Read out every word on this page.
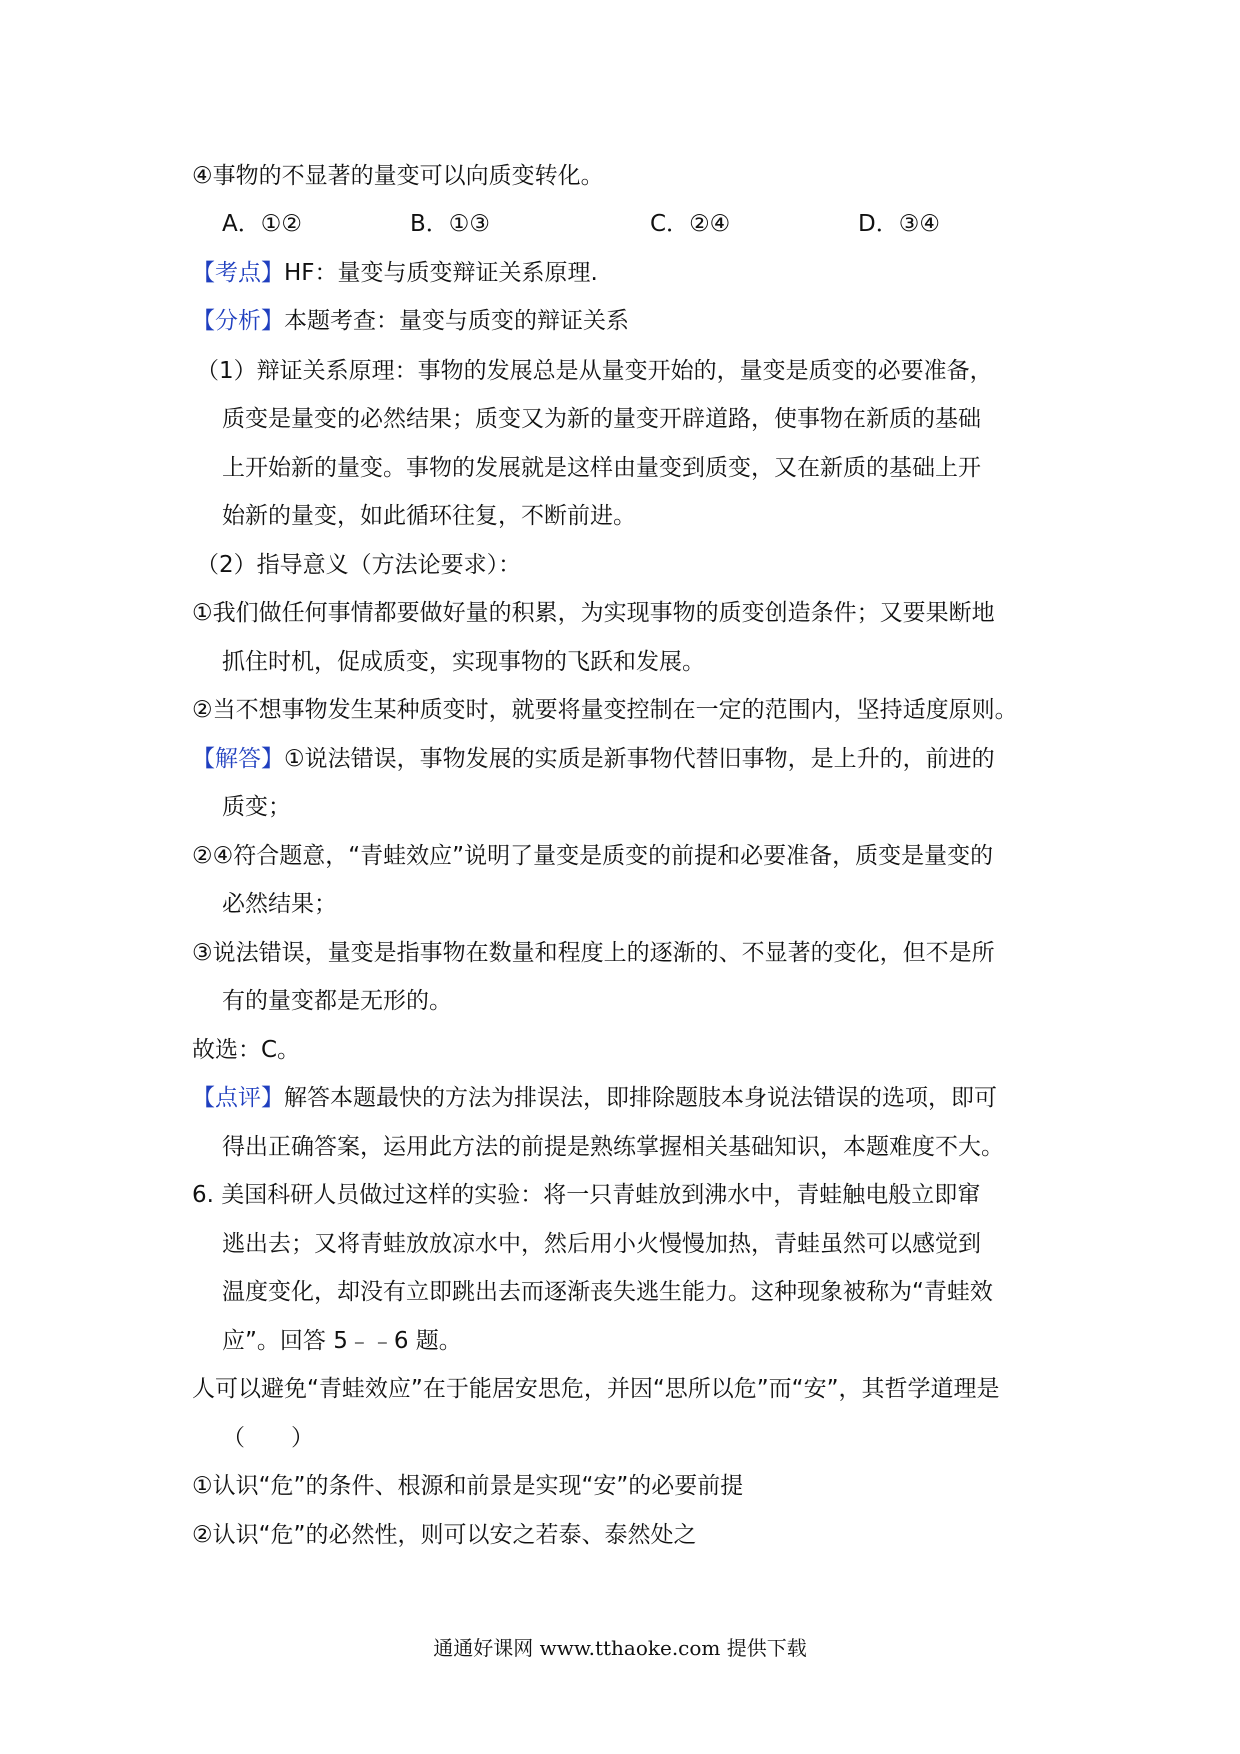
④事物的不显著的量变可以向质变转化。
A．①②	B．①③	C．②④	D．③④
【考点】HF：量变与质变辩证关系原理.
【分析】本题考查：量变与质变的辩证关系
（1）辩证关系原理：事物的发展总是从量变开始的，量变是质变的必要准备，
质变是量变的必然结果；质变又为新的量变开辟道路，使事物在新质的基础
上开始新的量变。事物的发展就是这样由量变到质变，又在新质的基础上开
始新的量变，如此循环往复，不断前进。
（2）指导意义（方法论要求）：
①我们做任何事情都要做好量的积累，为实现事物的质变创造条件；又要果断地
抓住时机，促成质变，实现事物的飞跃和发展。
②当不想事物发生某种质变时，就要将量变控制在一定的范围内，坚持适度原则。
【解答】①说法错误，事物发展的实质是新事物代替旧事物，是上升的，前进的
质变；
②④符合题意，“青蛙效应”说明了量变是质变的前提和必要准备，质变是量变的
必然结果；
③说法错误，量变是指事物在数量和程度上的逐渐的、不显著的变化，但不是所
有的量变都是无形的。
故选：C。
【点评】解答本题最快的方法为排误法，即排除题肢本身说法错误的选项，即可
得出正确答案，运用此方法的前提是熟练掌握相关基础知识，本题难度不大。
6. 美国科研人员做过这样的实验：将一只青蛙放到沸水中，青蛙触电般立即窜
逃出去；又将青蛙放放凉水中，然后用小火慢慢加热，青蛙虽然可以感觉到
温度变化，却没有立即跳出去而逐渐丧失逃生能力。这种现象被称为“青蛙效
应”。回答 5﹣﹣6 题。
人可以避免“青蛙效应”在于能居安思危，并因“思所以危”而“安”，其哲学道理是
（　　）
①认识“危”的条件、根源和前景是实现“安”的必要前提
②认识“危”的必然性，则可以安之若泰、泰然处之
通通好课网 www.tthaoke.com 提供下载
